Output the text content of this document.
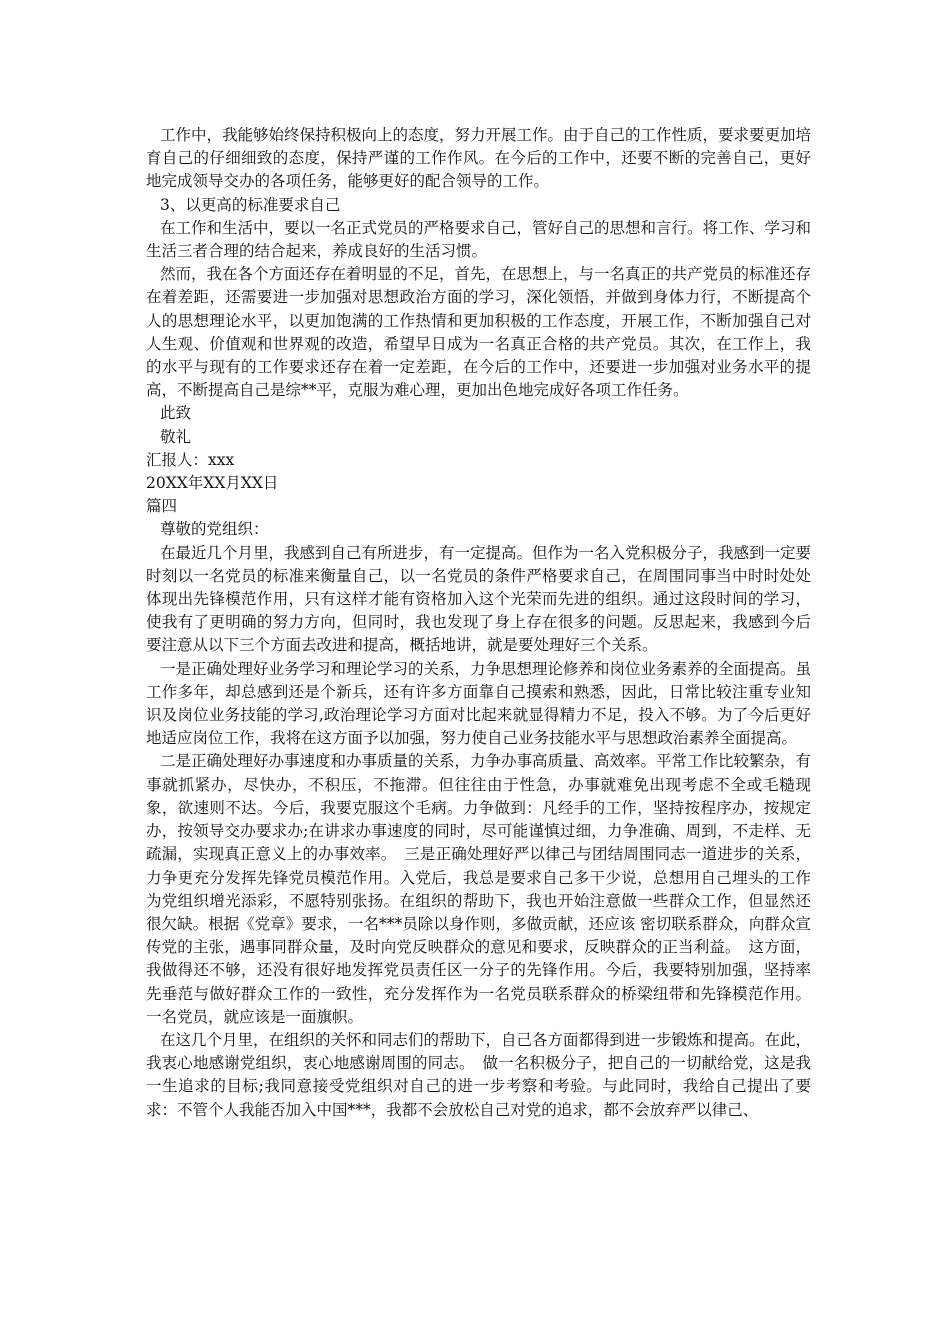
工作中，我能够始终保持积极向上的态度，努力开展工作。由于自己的工作性质，要求要更加培育自己的仔细细致的态度，保持严谨的工作作风。在今后的工作中，还要不断的完善自己，更好地完成领导交办的各项任务，能够更好的配合领导的工作。

3、以更高的标准要求自己

在工作和生活中，要以一名正式党员的严格要求自己，管好自己的思想和言行。将工作、学习和生活三者合理的结合起来，养成良好的生活习惯。

然而，我在各个方面还存在着明显的不足，首先，在思想上，与一名真正的共产党员的标准还存在着差距，还需要进一步加强对思想政治方面的学习，深化领悟，并做到身体力行，不断提高个人的思想理论水平，以更加饱满的工作热情和更加积极的工作态度，开展工作，不断加强自己对人生观、价值观和世界观的改造，希望早日成为一名真正合格的共产党员。其次，在工作上，我的水平与现有的工作要求还存在着一定差距，在今后的工作中，还要进一步加强对业务水平的提高，不断提高自己是综**平，克服为难心理，更加出色地完成好各项工作任务。

此致

敬礼

汇报人：xxx

20XX年XX月XX日

篇四

尊敬的党组织：

在最近几个月里，我感到自己有所进步，有一定提高。但作为一名入党积极分子，我感到一定要时刻以一名党员的标准来衡量自己，以一名党员的条件严格要求自己，在周围同事当中时时处处体现出先锋模范作用，只有这样才能有资格加入这个光荣而先进的组织。通过这段时间的学习，使我有了更明确的努力方向，但同时，我也发现了身上存在很多的问题。反思起来，我感到今后要注意从以下三个方面去改进和提高，概括地讲，就是要处理好三个关系。

一是正确处理好业务学习和理论学习的关系，力争思想理论修养和岗位业务素养的全面提高。虽工作多年，却总感到还是个新兵，还有许多方面靠自己摸索和熟悉，因此，日常比较注重专业知识及岗位业务技能的学习,政治理论学习方面对比起来就显得精力不足，投入不够。为了今后更好地适应岗位工作，我将在这方面予以加强，努力使自己业务技能水平与思想政治素养全面提高。

二是正确处理好办事速度和办事质量的关系，力争办事高质量、高效率。平常工作比较繁杂，有事就抓紧办，尽快办，不积压，不拖滞。但往往由于性急，办事就难免出现考虑不全或毛糙现象，欲速则不达。今后，我要克服这个毛病。力争做到：凡经手的工作，坚持按程序办，按规定办，按领导交办要求办;在讲求办事速度的同时，尽可能谨慎过细，力争准确、周到，不走样、无疏漏，实现真正意义上的办事效率。　三是正确处理好严以律己与团结周围同志一道进步的关系，力争更充分发挥先锋党员模范作用。入党后，我总是要求自己多干少说，总想用自己埋头的工作为党组织增光添彩，不愿特别张扬。在组织的帮助下，我也开始注意做一些群众工作，但显然还很欠缺。根据《党章》要求，一名***员除以身作则，多做贡献，还应该 密切联系群众，向群众宣传党的主张，遇事同群众量，及时向党反映群众的意见和要求，反映群众的正当利益。　这方面，我做得还不够，还没有很好地发挥党员责任区一分子的先锋作用。今后，我要特别加强，坚持率先垂范与做好群众工作的一致性，充分发挥作为一名党员联系群众的桥梁纽带和先锋模范作用。一名党员，就应该是一面旗帜。

在这几个月里，在组织的关怀和同志们的帮助下，自己各方面都得到进一步锻炼和提高。在此，我衷心地感谢党组织，衷心地感谢周围的同志。　做一名积极分子，把自己的一切献给党，这是我一生追求的目标;我同意接受党组织对自己的进一步考察和考验。与此同时，我给自己提出了要求：不管个人我能否加入中国***，我都不会放松自己对党的追求，都不会放弃严以律己、
